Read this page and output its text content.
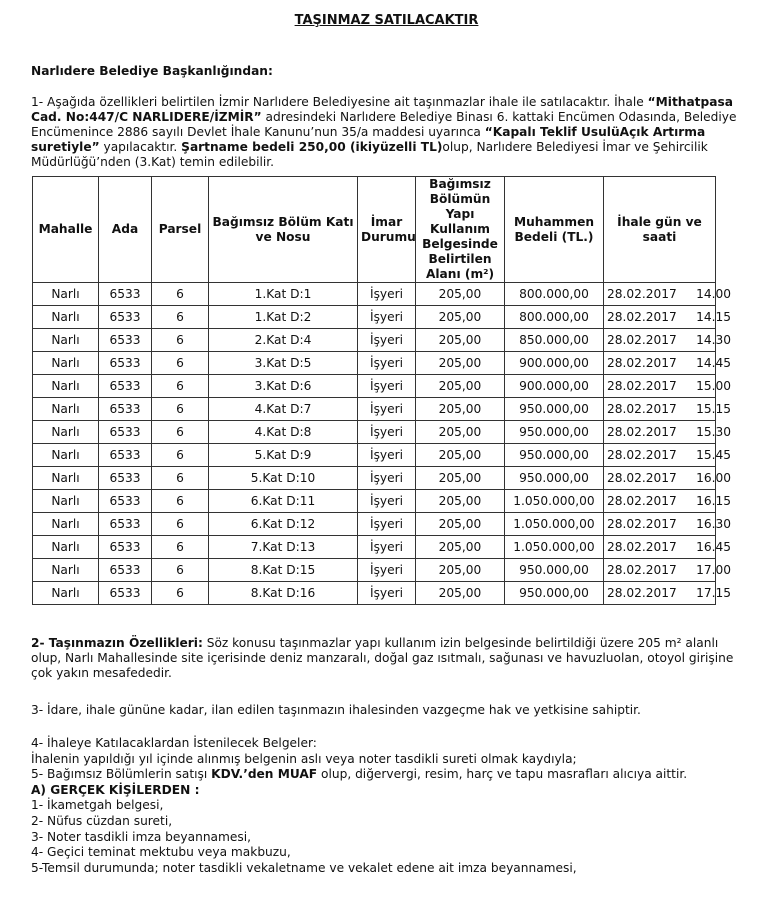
TAŞINMAZ SATILACAKTIR
Narlıdere Belediye Başkanlığından:
1- Aşağıda özellikleri belirtilen İzmir Narlıdere Belediyesine ait taşınmazlar ihale ile satılacaktır. İhale “Mithatpasa Cad. No:447/C NARLIDERE/İZMİR” adresindeki Narlıdere Belediye Binası 6. kattaki Encümen Odasında, Belediye Encümenince 2886 sayılı Devlet İhale Kanunu’nun 35/a maddesi uyarınca “Kapalı Teklif UsulüAçık Artırma suretiyle” yapılacaktır. Şartname bedeli 250,00 (ikiyüzelli TL)olup, Narlıdere Belediyesi İmar ve Şehircilik Müdürlüğü’nden (3.Kat) temin edilebilir.
Mahalle	Ada	Parsel	Bağımsız Bölüm Katı ve Nosu	İmar Durumu	Bağımsız Bölümün Yapı Kullanım Belgesinde Belirtilen Alanı (m²)	Muhammen Bedeli (TL.)	İhale gün ve saati
Narlı	6533	6	1.Kat D:1	İşyeri	205,00	800.000,00	28.02.2017     14.00
Narlı	6533	6	1.Kat D:2	İşyeri	205,00	800.000,00	28.02.2017     14.15
Narlı	6533	6	2.Kat D:4	İşyeri	205,00	850.000,00	28.02.2017     14.30
Narlı	6533	6	3.Kat D:5	İşyeri	205,00	900.000,00	28.02.2017     14.45
Narlı	6533	6	3.Kat D:6	İşyeri	205,00	900.000,00	28.02.2017     15.00
Narlı	6533	6	4.Kat D:7	İşyeri	205,00	950.000,00	28.02.2017     15.15
Narlı	6533	6	4.Kat D:8	İşyeri	205,00	950.000,00	28.02.2017     15.30
Narlı	6533	6	5.Kat D:9	İşyeri	205,00	950.000,00	28.02.2017     15.45
Narlı	6533	6	5.Kat D:10	İşyeri	205,00	950.000,00	28.02.2017     16.00
Narlı	6533	6	6.Kat D:11	İşyeri	205,00	1.050.000,00	28.02.2017     16.15
Narlı	6533	6	6.Kat D:12	İşyeri	205,00	1.050.000,00	28.02.2017     16.30
Narlı	6533	6	7.Kat D:13	İşyeri	205,00	1.050.000,00	28.02.2017     16.45
Narlı	6533	6	8.Kat D:15	İşyeri	205,00	950.000,00	28.02.2017     17.00
Narlı	6533	6	8.Kat D:16	İşyeri	205,00	950.000,00	28.02.2017     17.15
2- Taşınmazın Özellikleri: Söz konusu taşınmazlar yapı kullanım izin belgesinde belirtildiği üzere 205 m² alanlı olup, Narlı Mahallesinde site içerisinde deniz manzaralı, doğal gaz ısıtmalı, sağunası ve havuzluolan, otoyol girişine çok yakın mesafededir.
3- İdare, ihale gününe kadar, ilan edilen taşınmazın ihalesinden vazgeçme hak ve yetkisine sahiptir.
4- İhaleye Katılacaklardan İstenilecek Belgeler:
İhalenin yapıldığı yıl içinde alınmış belgenin aslı veya noter tasdikli sureti olmak kaydıyla;
5- Bağımsız Bölümlerin satışı KDV.’den MUAF olup, diğervergi, resim, harç ve tapu masrafları alıcıya aittir.
A) GERÇEK KİŞİLERDEN :
1- İkametgah belgesi,
2- Nüfus cüzdan sureti,
3- Noter tasdikli imza beyannamesi,
4- Geçici teminat mektubu veya makbuzu,
5-Temsil durumunda; noter tasdikli vekaletname ve vekalet edene ait imza beyannamesi,
